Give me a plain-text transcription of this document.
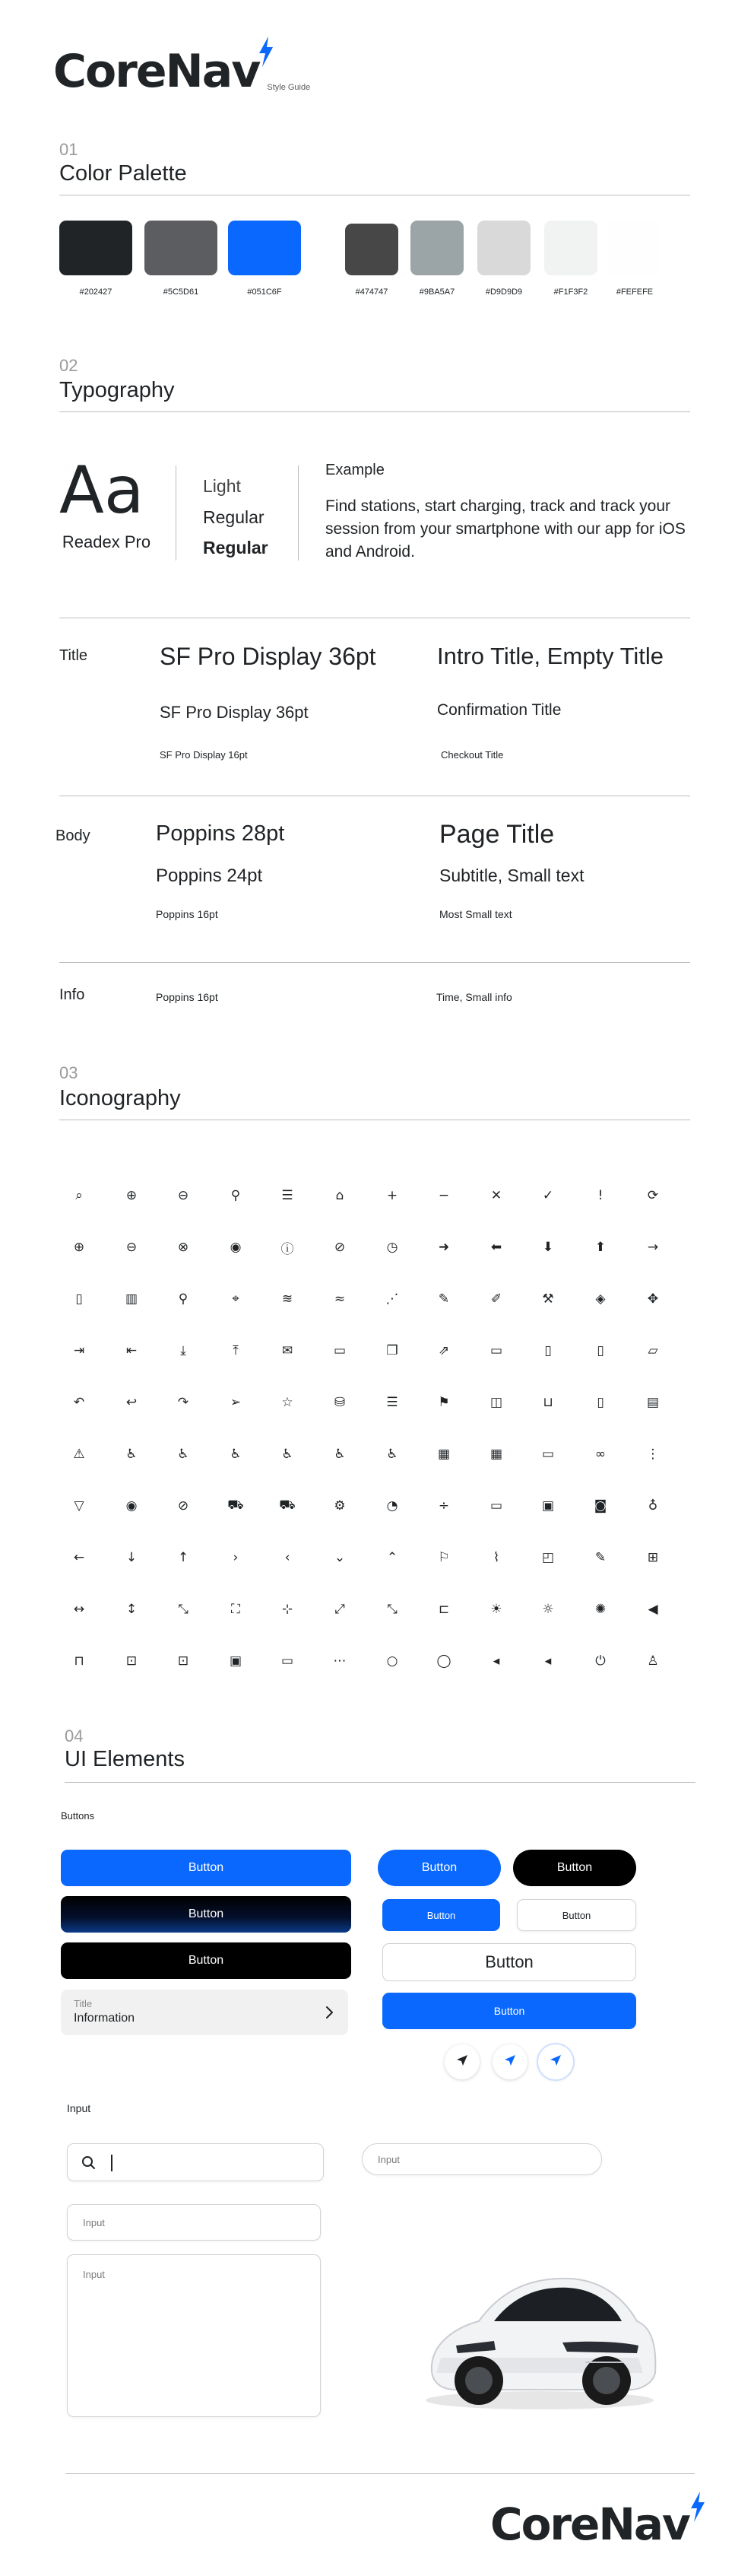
CoreNav Style Guide
01
Color Palette
#202427	#5C5D61	#051C6F	#474747	#9BA5A7	#D9D9D9	#F1F3F2	#FEFEFE
02
Typography
Aa
Readex Pro
Light
Regular
Regular
Example
Find stations, start charging, track and track your session from your smartphone with our app for iOS and Android.
Title	SF Pro Display 36pt
SF Pro Display 36pt
SF Pro Display 16pt
Intro Title, Empty Title
Confirmation Title
Checkout Title
Body	Poppins 28pt
Poppins 24pt
Poppins 16pt
Page Title
Subtitle, Small text
Most Small text
Info	Poppins 16pt	Time, Small info
03
Iconography
⌕	⊕	⊖	⚲	☰	⌂	+	−	✕	✓	!	⟳
⊕	⊖	⊗	◉	ⓘ	⊘	◷	➜	⬅	⬇	⬆	→
▯	▥	⚲	⌖	≋	≈	⋰	✎	✐	⚒	◈	✥
⇥	⇤	⤓	⤒	✉	▭	❐	⇗	▭	▯	▯	▱
↶	↩	↷	➢	☆	⛁	☰	⚑	◫	⊔	▯	▤
⚠	♿	♿	♿	♿	♿	♿	▦	▦	▭	∞	⋮
▽	◉	⊘	⛟	⛟	⚙	◔	÷	▭	▣	◙	♁
←	↓	↑	›	‹	⌄	⌃	⚐	⌇	◰	✎	⊞
↔	↕	⤡	⛶	⊹	⤢	⤡	⊏	☀	☼	✺	◀
⊓	⊡	⊡	▣	▭	⋯	○	◯	◂	◂	⏻	♙
04
UI Elements
Buttons
Button
Button
Button
Title
Information
Button	Button
Button	Button
Button
Button
Input
Input
Input
Input
CoreNav
